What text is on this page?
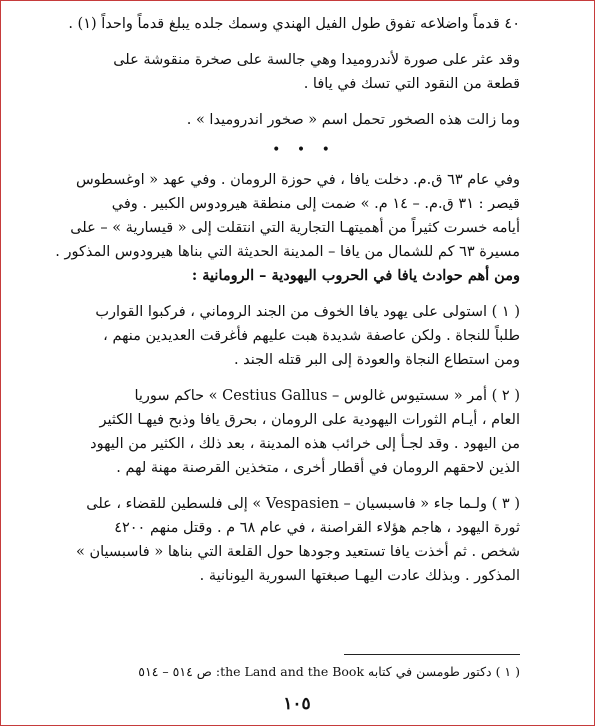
٤٠ قدماً واضلاعه تفوق طول الفيل الهندي وسمك جلده يبلغ قدماً واحداً (١) .
وقد عثر على صورة لأندروميدا وهي جالسة على صخرة منقوشة على
قطعة من النقود التي تسك في يافا .
وما زالت هذه الصخور تحمل اسم « صخور اندروميدا » .
• • •
وفي عام ٦٣ ق.م. دخلت يافا ، في حوزة الرومان . وفي عهد « اوغسطوس
قيصر : ٣١ ق.م. – ١٤ م. » ضمت إلى منطقة هيرودوس الكبير . وفي
أيامه خسرت كثيراً من أهميتهـا التجارية التي انتقلت إلى « قيسارية » – على
مسيرة ٦٣ كم للشمال من يافا – المدينة الحديثة التي بناها هيرودوس المذكور .
ومن أهم حوادث يافا في الحروب اليهودية – الرومانية :
( ١ ) استولى على يهود يافا الخوف من الجند الروماني ، فركبوا القوارب
طلباً للنجاة . ولكن عاصفة شديدة هبت عليهم فأغرقت العديدين منهم ،
ومن استطاع النجاة والعودة إلى البر قتله الجند .
( ٢ ) أمر « سستيوس غالوس – Cestius Gallus » حاكم سوريا
العام ، أيـام الثورات اليهودية على الرومان ، بحرق يافا وذبح فيهـا الكثير
من اليهود . وقد لجـأ إلى خرائب هذه المدينة ، بعد ذلك ، الكثير من اليهود
الذين لاحقهم الرومان في أقطار أخرى ، متخذين القرصنة مهنة لهم .
( ٣ ) ولـما جاء « فاسبسيان – Vespasien » إلى فلسطين للقضاء ، على
ثورة اليهود ، هاجم هؤلاء القراصنة ، في عام ٦٨ م . وقتل منهم ٤٢٠٠
شخص . ثم أخذت يافا تستعيد وجودها حول القلعة التي بناها « فاسبسيان »
المذكور . وبذلك عادت اليهـا صبغتها السورية اليونانية .
( ١ ) دكتور طومسن في كتابه the Land and the Book: ص ٥١٤ – ٥١٤
١٠٥
